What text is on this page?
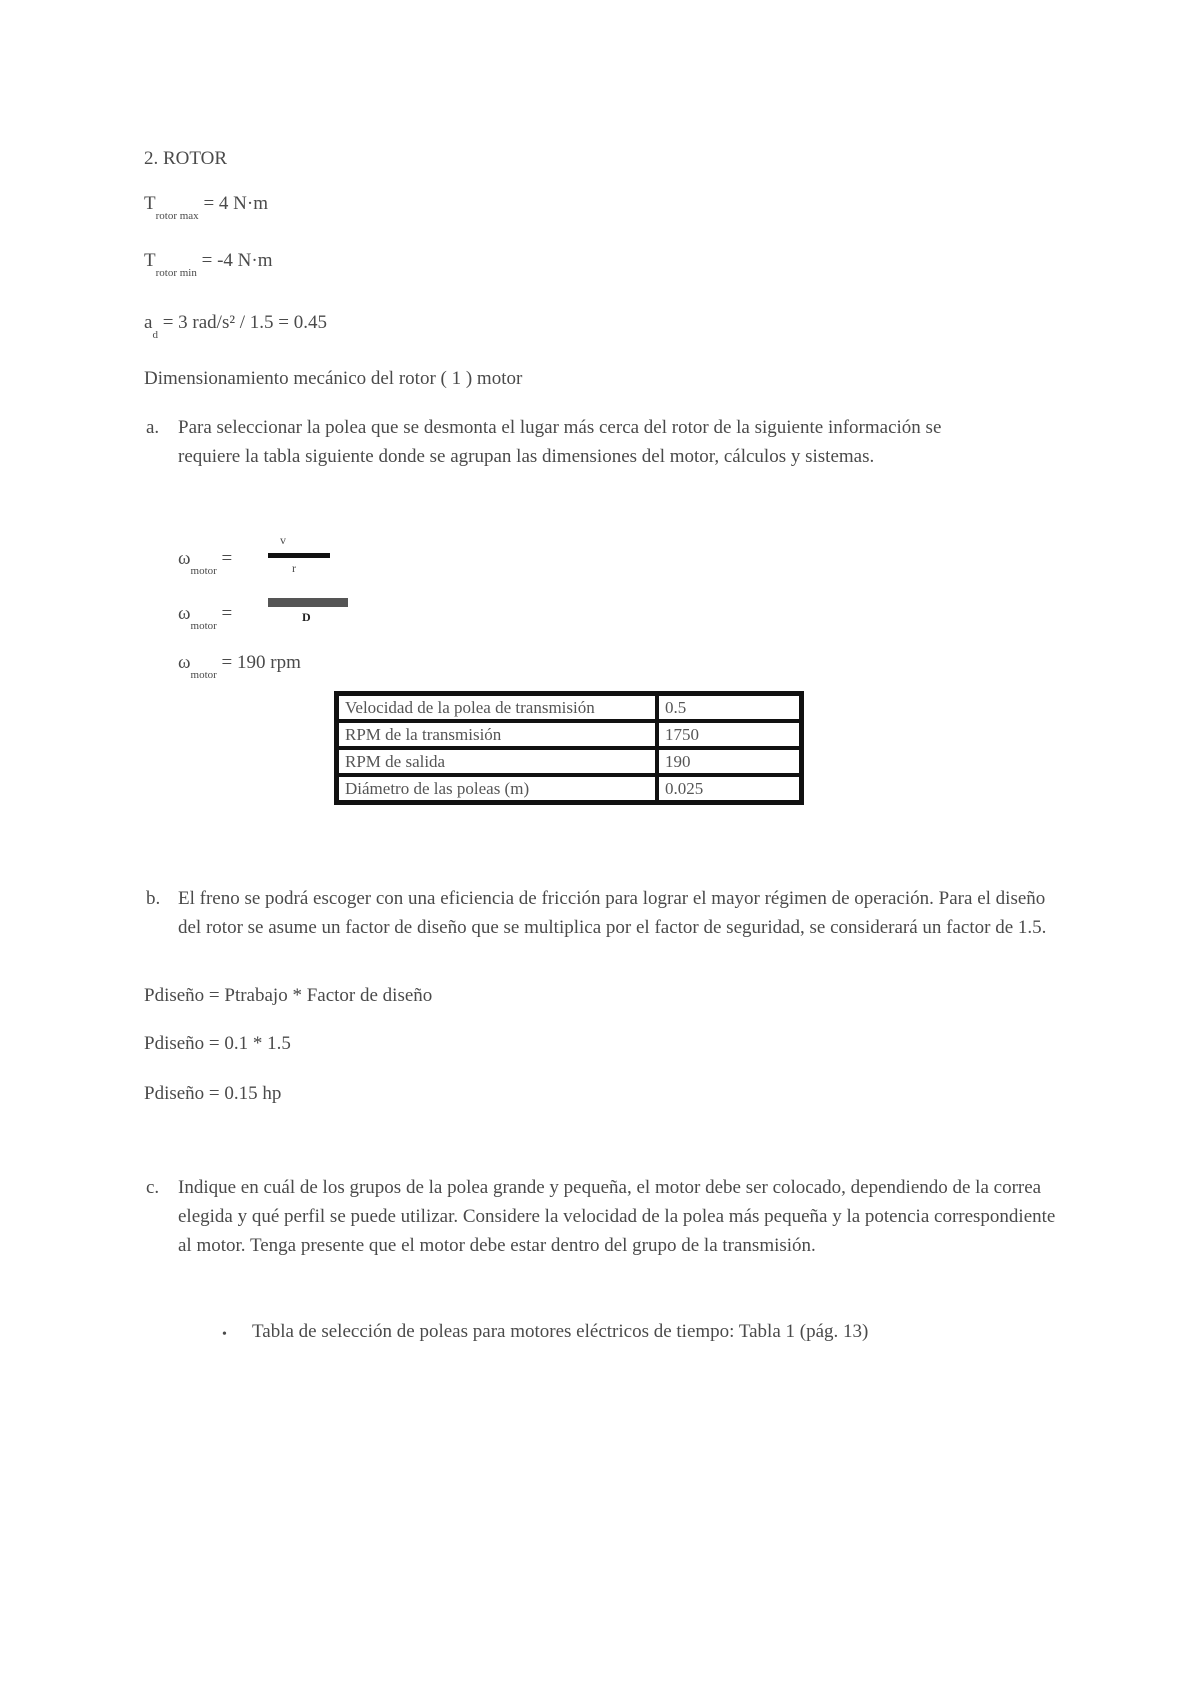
2. ROTOR
$T_{rotor max} = 4$ N·m
$T_{rotor min} = -4$ N·m
$a_d = 3$ rad/s² / 1.5 = 0.45
Dimensionamiento mecánico del rotor ( 1 ) motor
a. Para seleccionar la polea que se desmonta el lugar más cerca del rotor de la siguiente información se requiere la tabla siguiente donde se agrupan las dimensiones del motor, cálculos y sistemas.
$\omega_{motor}$ =
v
r
$\omega_{motor}$ =	D
$\omega_{motor} = 190$ rpm
Velocidad de la polea de transmisión	0.5
RPM de la transmisión	1750
RPM de salida	190
Diámetro de las poleas (m)	0.025
b. El freno se podrá escoger con una eficiencia de fricción para lograr el mayor régimen de operación. Para el diseño del rotor se asume un factor de diseño que se multiplica por el factor de seguridad, se considerará un factor de 1.5.
Pdiseño = Ptrabajo * Factor de diseño
Pdiseño = 0.1 * 1.5
Pdiseño = 0.15 hp
c. Indique en cuál de los grupos de la polea grande y pequeña, el motor debe ser colocado, dependiendo de la correa elegida y qué perfil se puede utilizar. Considere la velocidad de la polea más pequeña y la potencia correspondiente al motor. Tenga presente que el motor debe estar dentro del grupo de la transmisión.
• Tabla de selección de poleas para motores eléctricos de tiempo: Tabla 1 (pág. 13)
